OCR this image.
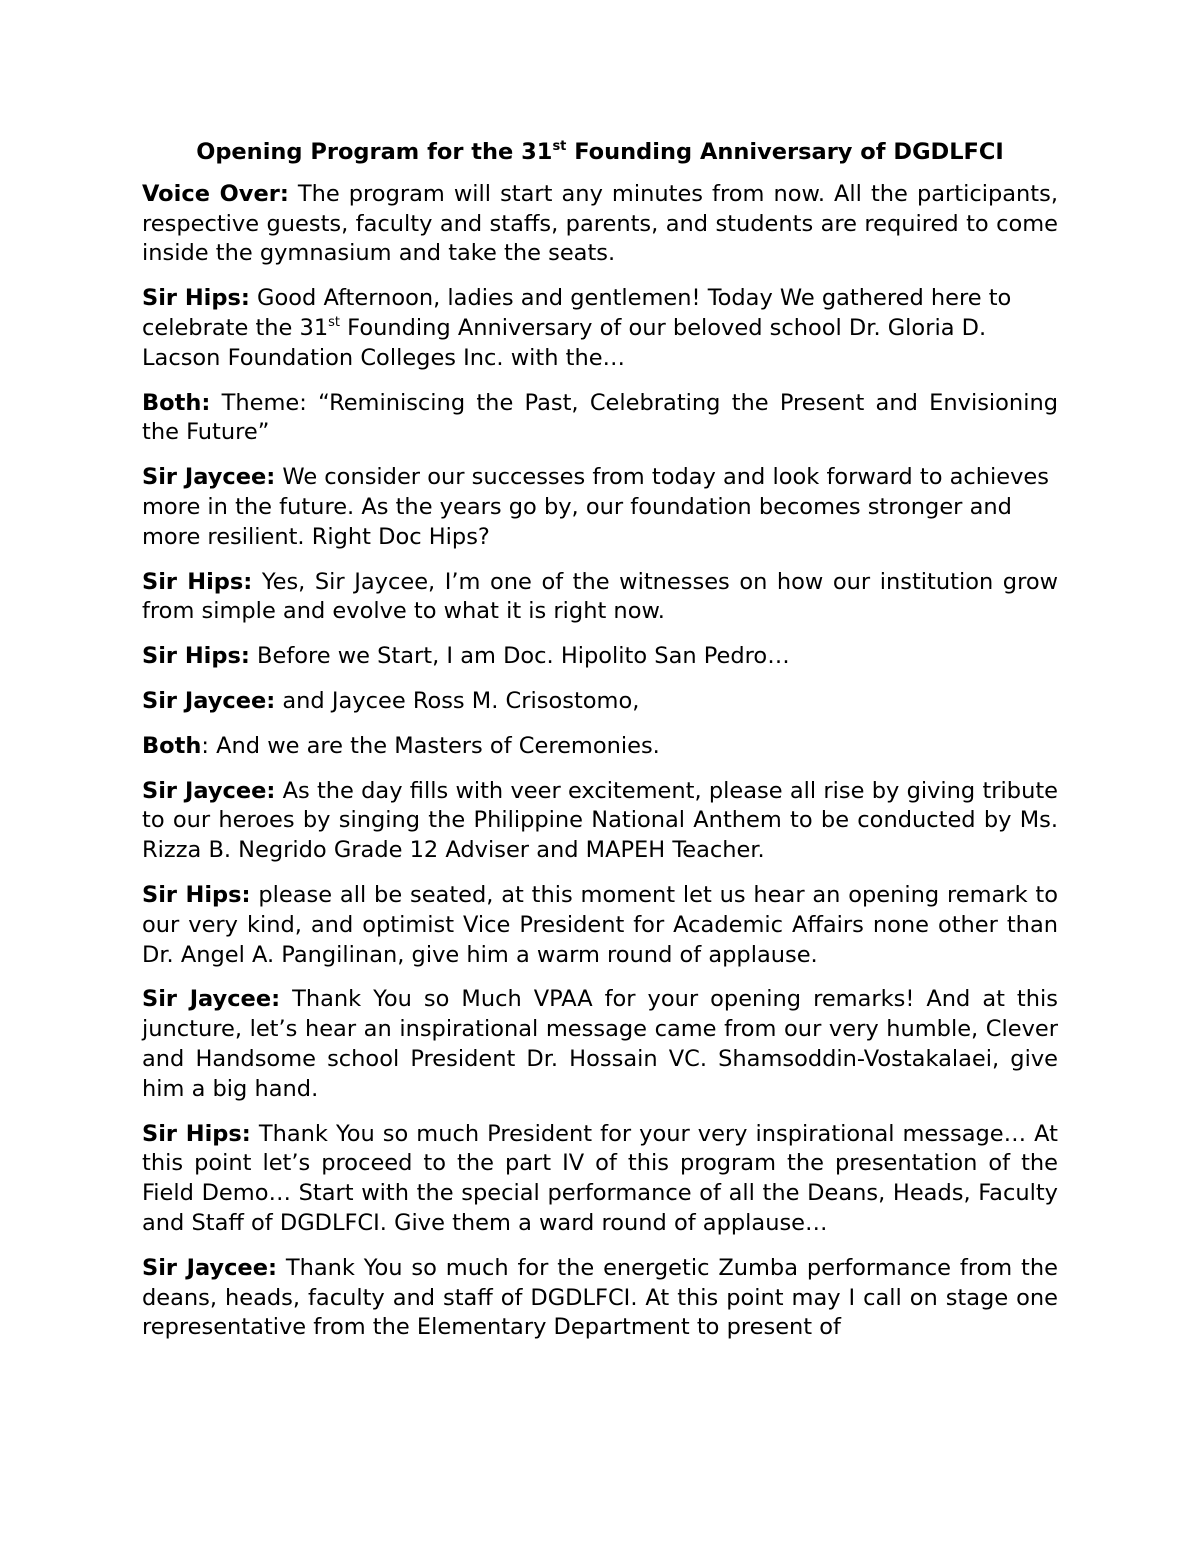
Opening Program for the 31st Founding Anniversary of DGDLFCI

Voice Over: The program will start any minutes from now. All the participants, respective guests, faculty and staffs, parents, and students are required to come inside the gymnasium and take the seats.

Sir Hips: Good Afternoon, ladies and gentlemen! Today We gathered here to celebrate the 31st Founding Anniversary of our beloved school Dr. Gloria D. Lacson Foundation Colleges Inc. with the…

Both: Theme: “Reminiscing the Past, Celebrating the Present and Envisioning the Future”

Sir Jaycee: We consider our successes from today and look forward to achieves more in the future. As the years go by, our foundation becomes stronger and more resilient. Right Doc Hips?

Sir Hips: Yes, Sir Jaycee, I’m one of the witnesses on how our institution grow from simple and evolve to what it is right now.

Sir Hips: Before we Start, I am Doc. Hipolito San Pedro…

Sir Jaycee: and Jaycee Ross M. Crisostomo,

Both: And we are the Masters of Ceremonies.

Sir Jaycee: As the day fills with veer excitement, please all rise by giving tribute to our heroes by singing the Philippine National Anthem to be conducted by Ms. Rizza B. Negrido Grade 12 Adviser and MAPEH Teacher.

Sir Hips: please all be seated, at this moment let us hear an opening remark to our very kind, and optimist Vice President for Academic Affairs none other than Dr. Angel A. Pangilinan, give him a warm round of applause.

Sir Jaycee: Thank You so Much VPAA for your opening remarks! And at this juncture, let’s hear an inspirational message came from our very humble, Clever and Handsome school President Dr. Hossain VC. Shamsoddin-Vostakalaei, give him a big hand.

Sir Hips: Thank You so much President for your very inspirational message… At this point let’s proceed to the part IV of this program the presentation of the Field Demo… Start with the special performance of all the Deans, Heads, Faculty and Staff of DGDLFCI. Give them a ward round of applause…

Sir Jaycee: Thank You so much for the energetic Zumba performance from the deans, heads, faculty and staff of DGDLFCI. At this point may I call on stage one representative from the Elementary Department to present of
